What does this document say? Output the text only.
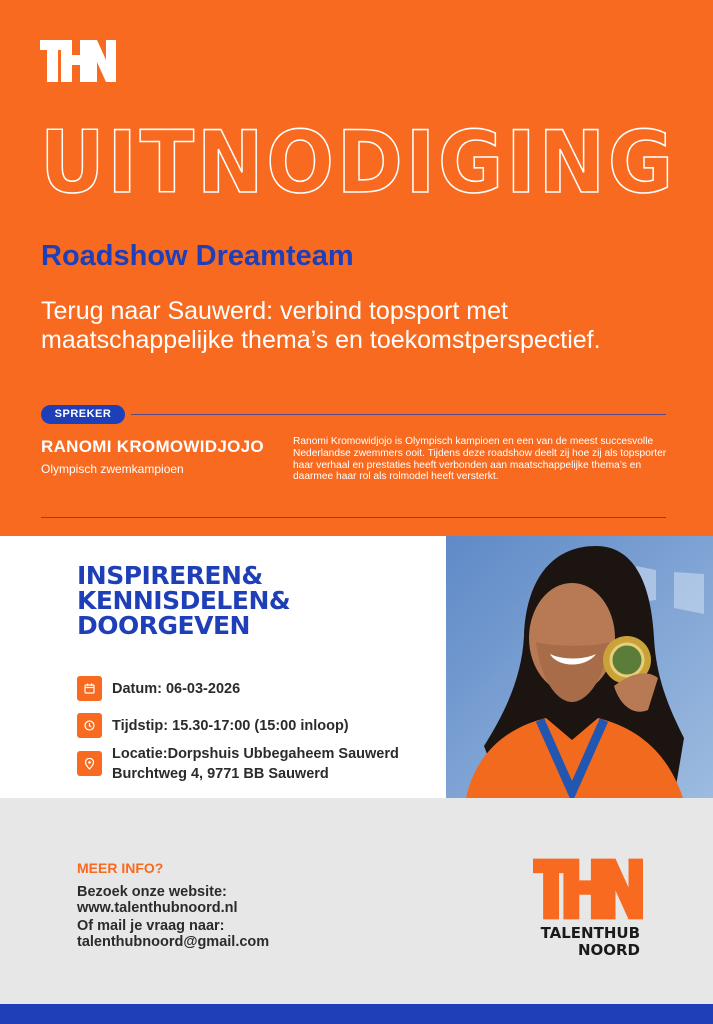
UITNODIGING
Roadshow Dreamteam
Terug naar Sauwerd: verbind topsport met maatschappelijke thema’s en toekomstperspectief.
SPREKER
RANOMI KROMOWIDJOJO
Olympisch zwemkampioen
Ranomi Kromowidjojo is Olympisch kampioen en een van de meest succesvolle Nederlandse zwemmers ooit. Tijdens deze roadshow deelt zij hoe zij als topsporter haar verhaal en prestaties heeft verbonden aan maatschappelijke thema’s en daarmee haar rol als rolmodel heeft versterkt.
INSPIREREN&
KENNISDELEN&
DOORGEVEN
Datum: 06-03-2026
Tijdstip: 15.30-17:00 (15:00 inloop)
Locatie:Dorpshuis Ubbegaheem Sauwerd
Burchtweg 4, 9771 BB Sauwerd
MEER INFO?
Bezoek onze website:
www.talenthubnoord.nl
Of mail je vraag naar:
talenthubnoord@gmail.com	TALENTHUB
NOORD
